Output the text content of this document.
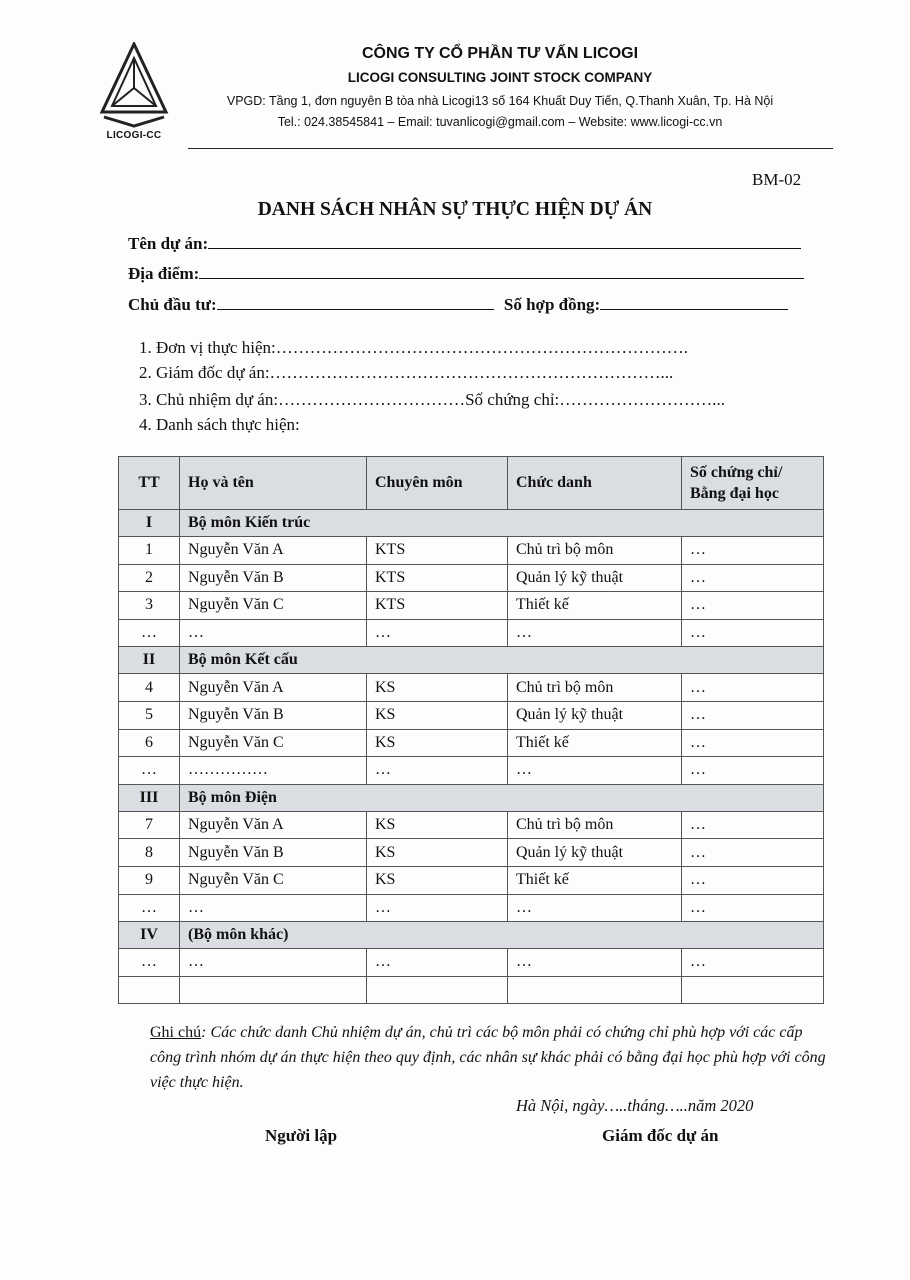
LICOGI-CC
CÔNG TY CỔ PHẦN TƯ VẤN LICOGI
LICOGI CONSULTING JOINT STOCK COMPANY
VPGD: Tầng 1, đơn nguyên B tòa nhà Licogi13 số 164 Khuất Duy Tiến, Q.Thanh Xuân, Tp. Hà Nội
Tel.: 024.38545841 – Email: tuvanlicogi@gmail.com – Website: www.licogi-cc.vn
BM-02
DANH SÁCH NHÂN SỰ THỰC HIỆN DỰ ÁN
Tên dự án:
Địa điểm:
Chủ đầu tư:	Số hợp đồng:
1. Đơn vị thực hiện:……………………………………………………………….
2. Giám đốc dự án:……………………………………………………………...
3. Chủ nhiệm dự án:……………………………Số chứng chỉ:………………………...
4. Danh sách thực hiện:
TT	Họ và tên	Chuyên môn	Chức danh	Số chứng chỉ/
Bằng đại học

I	Bộ môn Kiến trúc			
1	Nguyễn Văn A	KTS	Chủ trì bộ môn	…
2	Nguyễn Văn B	KTS	Quản lý kỹ thuật	…
3	Nguyễn Văn C	KTS	Thiết kế	…
…	…	…	…	…
II	Bộ môn Kết cấu			
4	Nguyễn Văn A	KS	Chủ trì bộ môn	…
5	Nguyễn Văn B	KS	Quản lý kỹ thuật	…
6	Nguyễn Văn C	KS	Thiết kế	…
…	……………	…	…	…
III	Bộ môn Điện			
7	Nguyễn Văn A	KS	Chủ trì bộ môn	…
8	Nguyễn Văn B	KS	Quản lý kỹ thuật	…
9	Nguyễn Văn C	KS	Thiết kế	…
…	…	…	…	…
IV	(Bộ môn khác)			
…	…	…	…	…

Ghi chú: Các chức danh Chủ nhiệm dự án, chủ trì các bộ môn phải có chứng chỉ phù hợp với các cấp công trình nhóm dự án thực hiện theo quy định, các nhân sự khác phải có bằng đại học phù hợp với công việc thực hiện.
Hà Nội, ngày…..tháng…..năm 2020
Người lập	Giám đốc dự án
